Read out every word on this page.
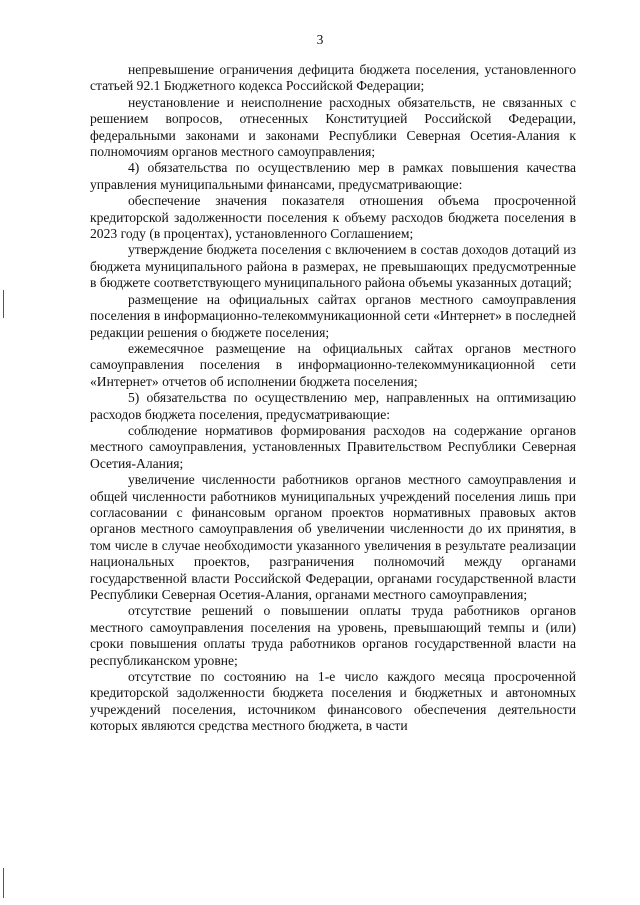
3

непревышение ограничения дефицита бюджета поселения, установленного статьей 92.1 Бюджетного кодекса Российской Федерации;

неустановление и неисполнение расходных обязательств, не связанных с решением вопросов, отнесенных Конституцией Российской Федерации, федеральными законами и законами Республики Северная Осетия-Алания к полномочиям органов местного самоуправления;

4) обязательства по осуществлению мер в рамках повышения качества управления муниципальными финансами, предусматривающие:

обеспечение значения показателя отношения объема просроченной кредиторской задолженности поселения к объему расходов бюджета поселения в 2023 году (в процентах), установленного Соглашением;

утверждение бюджета поселения с включением в состав доходов дотаций из бюджета муниципального района в размерах, не превышающих предусмотренные в бюджете соответствующего муниципального района объемы указанных дотаций;

размещение на официальных сайтах органов местного самоуправления поселения в информационно-телекоммуникационной сети «Интернет» в последней редакции решения о бюджете поселения;

ежемесячное размещение на официальных сайтах органов местного самоуправления поселения в информационно-телекоммуникационной сети «Интернет» отчетов об исполнении бюджета поселения;

5) обязательства по осуществлению мер, направленных на оптимизацию расходов бюджета поселения, предусматривающие:

соблюдение нормативов формирования расходов на содержание органов местного самоуправления, установленных Правительством Республики Северная Осетия-Алания;

увеличение численности работников органов местного самоуправления и общей численности работников муниципальных учреждений поселения лишь при согласовании с финансовым органом проектов нормативных правовых актов органов местного самоуправления об увеличении численности до их принятия, в том числе в случае необходимости указанного увеличения в результате реализации национальных проектов, разграничения полномочий между органами государственной власти Российской Федерации, органами государственной власти Республики Северная Осетия-Алания, органами местного самоуправления;

отсутствие решений о повышении оплаты труда работников органов местного самоуправления поселения на уровень, превышающий темпы и (или) сроки повышения оплаты труда работников органов государственной власти на республиканском уровне;

отсутствие по состоянию на 1-е число каждого месяца просроченной кредиторской задолженности бюджета поселения и бюджетных и автономных учреждений поселения, источником финансового обеспечения деятельности которых являются средства местного бюджета, в части
